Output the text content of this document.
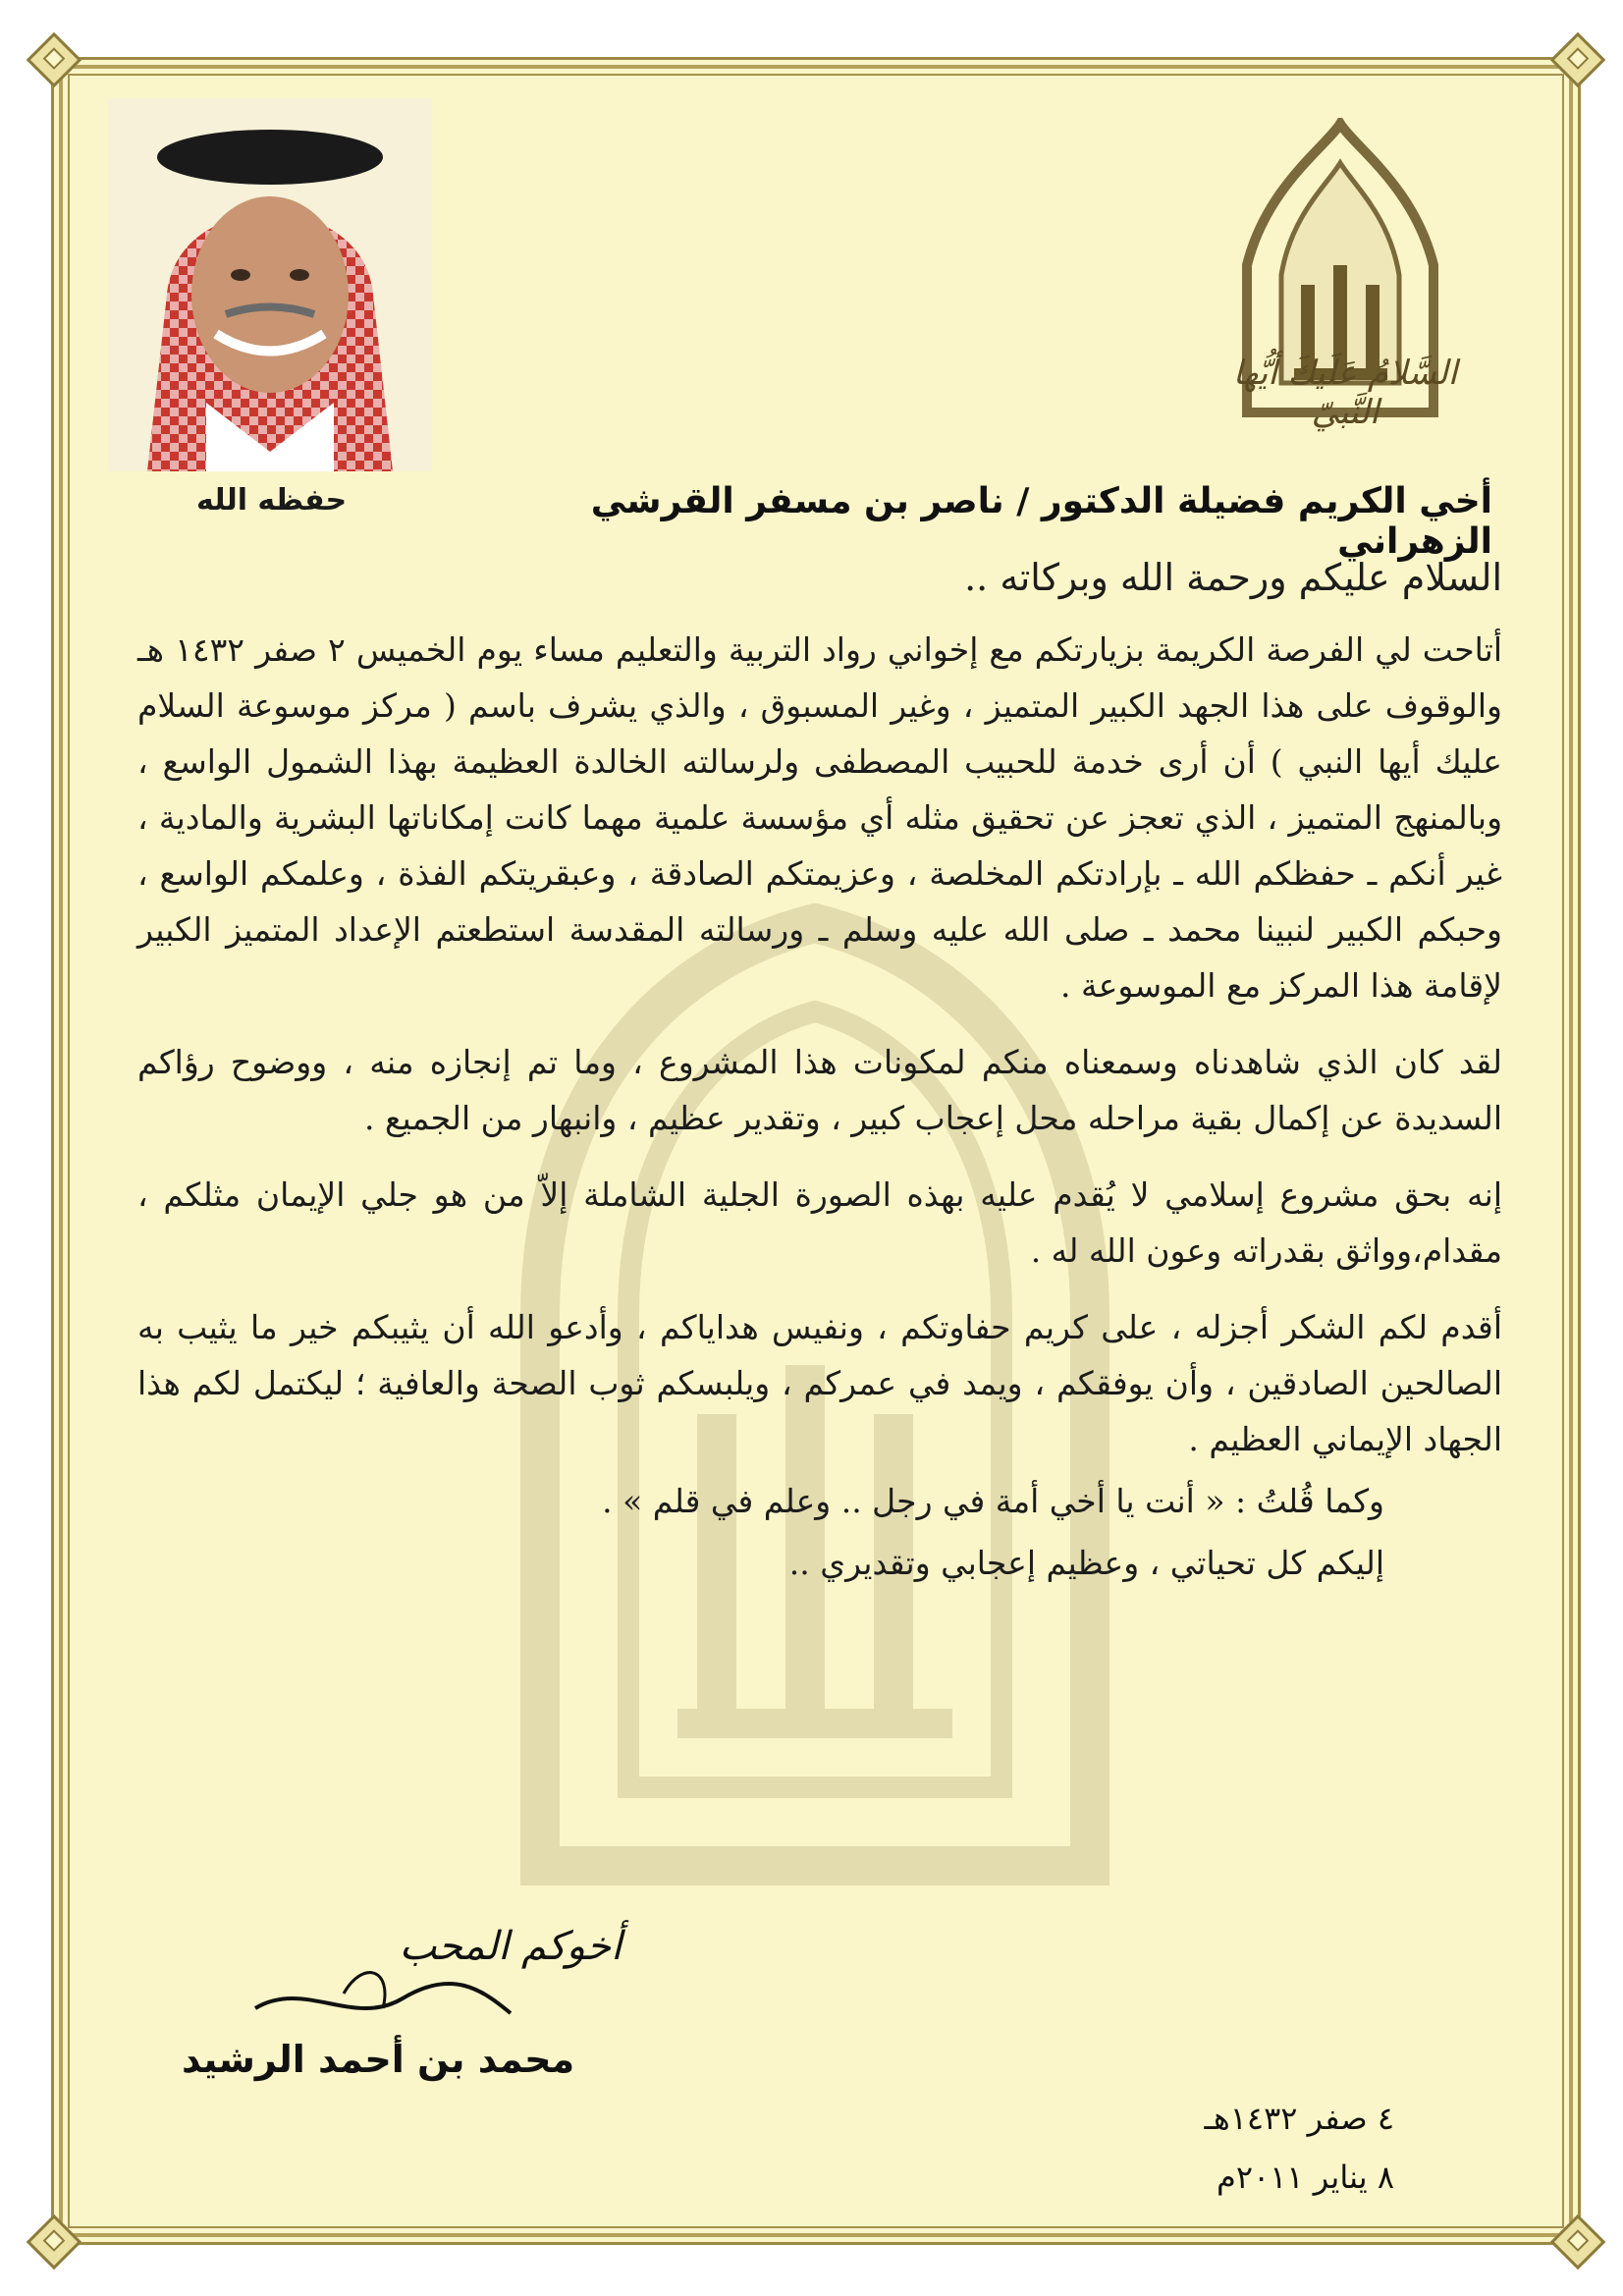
السَّلامُ عَلَيكَ أيُّها النَّبيّ
حفظه الله	أخي الكريم فضيلة الدكتور / ناصر بن مسفر القرشي الزهراني

السلام عليكم ورحمة الله وبركاته ..

أتاحت لي الفرصة الكريمة بزيارتكم مع إخواني رواد التربية والتعليم مساء يوم الخميس ٢ صفر ١٤٣٢ هـ والوقوف على هذا الجهد الكبير المتميز ، وغير المسبوق ، والذي يشرف باسم ( مركز موسوعة السلام عليك أيها النبي ) أن أرى خدمة للحبيب المصطفى ولرسالته الخالدة العظيمة بهذا الشمول الواسع ، وبالمنهج المتميز ، الذي تعجز عن تحقيق مثله أي مؤسسة علمية مهما كانت إمكاناتها البشرية والمادية ، غير أنكم ـ حفظكم الله ـ بإرادتكم المخلصة ، وعزيمتكم الصادقة ، وعبقريتكم الفذة ، وعلمكم الواسع ، وحبكم الكبير لنبينا محمد ـ صلى الله عليه وسلم ـ ورسالته المقدسة استطعتم الإعداد المتميز الكبير لإقامة هذا المركز مع الموسوعة .

لقد كان الذي شاهدناه وسمعناه منكم لمكونات هذا المشروع ، وما تم إنجازه منه ، ووضوح رؤاكم السديدة عن إكمال بقية مراحله محل إعجاب كبير ، وتقدير عظيم ، وانبهار من الجميع .

إنه بحق مشروع إسلامي لا يُقدم عليه بهذه الصورة الجلية الشاملة إلاّ من هو جلي الإيمان مثلكم ، مقدام،وواثق بقدراته وعون الله له .

أقدم لكم الشكر أجزله ، على كريم حفاوتكم ، ونفيس هداياكم ، وأدعو الله أن يثيبكم خير ما يثيب به الصالحين الصادقين ، وأن يوفقكم ، ويمد في عمركم ، ويلبسكم ثوب الصحة والعافية ؛ ليكتمل لكم هذا الجهاد الإيماني العظيم .

وكما قُلتُ : « أنت يا أخي أمة في رجل .. وعلم في قلم » .

إليكم كل تحياتي ، وعظيم إعجابي وتقديري ..

أخوكم المحب
محمد بن أحمد الرشيد
٤ صفر ١٤٣٢هـ
٨ يناير ٢٠١١م
